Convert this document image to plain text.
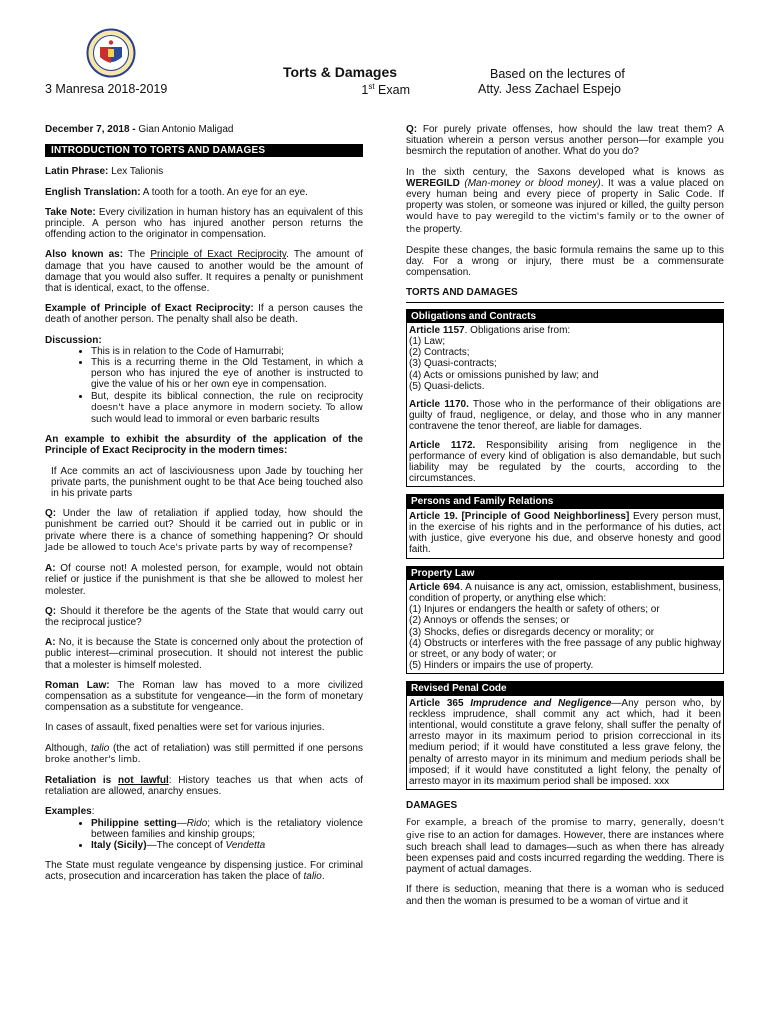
3 Manresa 2018-2019
Torts & Damages
1st Exam
Based on the lectures of
Atty. Jess Zachael Espejo

December 7, 2018 - Gian Antonio Maligad

INTRODUCTION TO TORTS AND DAMAGES

Latin Phrase: Lex Talionis

English Translation: A tooth for a tooth. An eye for an eye.

Take Note: Every civilization in human history has an equivalent of this principle. A person who has injured another person returns the offending action to the originator in compensation.

Also known as: The Principle of Exact Reciprocity. The amount of damage that you have caused to another would be the amount of damage that you would also suffer. It requires a penalty or punishment that is identical, exact, to the offense.

Example of Principle of Exact Reciprocity: If a person causes the death of another person. The penalty shall also be death.

Discussion:
• This is in relation to the Code of Hamurrabi;
• This is a recurring theme in the Old Testament, in which a person who has injured the eye of another is instructed to give the value of his or her own eye in compensation.
• But, despite its biblical connection, the rule on reciprocity doesn't have a place anymore in modern society. To allow such would lead to immoral or even barbaric results

An example to exhibit the absurdity of the application of the Principle of Exact Reciprocity in the modern times:

If Ace commits an act of lasciviousness upon Jade by touching her private parts, the punishment ought to be that Ace being touched also in his private parts

Q: Under the law of retaliation if applied today, how should the punishment be carried out? Should it be carried out in public or in private where there is a chance of something happening? Or should Jade be allowed to touch Ace's private parts by way of recompense?

A: Of course not! A molested person, for example, would not obtain relief or justice if the punishment is that she be allowed to molest her molester.

Q: Should it therefore be the agents of the State that would carry out the reciprocal justice?

A: No, it is because the State is concerned only about the protection of public interest—criminal prosecution. It should not interest the public that a molester is himself molested.

Roman Law: The Roman law has moved to a more civilized compensation as a substitute for vengeance—in the form of monetary compensation as a substitute for vengeance.

In cases of assault, fixed penalties were set for various injuries.

Although, talio (the act of retaliation) was still permitted if one persons broke another's limb.

Retaliation is not lawful: History teaches us that when acts of retaliation are allowed, anarchy ensues.

Examples:
• Philippine setting—Rido; which is the retaliatory violence between families and kinship groups;
• Italy (Sicily)—The concept of Vendetta

The State must regulate vengeance by dispensing justice. For criminal acts, prosecution and incarceration has taken the place of talio.

Q: For purely private offenses, how should the law treat them? A situation wherein a person versus another person—for example you besmirch the reputation of another. What do you do?

In the sixth century, the Saxons developed what is knows as WEREGILD (Man-money or blood money). It was a value placed on every human being and every piece of property in Salic Code. If property was stolen, or someone was injured or killed, the guilty person would have to pay weregild to the victim's family or to the owner of the property.

Despite these changes, the basic formula remains the same up to this day. For a wrong or injury, there must be a commensurate compensation.

TORTS AND DAMAGES
Obligations and Contracts

Article 1157. Obligations arise from:
(1) Law;
(2) Contracts;
(3) Quasi-contracts;
(4) Acts or omissions punished by law; and
(5) Quasi-delicts.

Article 1170. Those who in the performance of their obligations are guilty of fraud, negligence, or delay, and those who in any manner contravene the tenor thereof, are liable for damages.

Article 1172. Responsibility arising from negligence in the performance of every kind of obligation is also demandable, but such liability may be regulated by the courts, according to the circumstances.

Persons and Family Relations

Article 19. [Principle of Good Neighborliness] Every person must, in the exercise of his rights and in the performance of his duties, act with justice, give everyone his due, and observe honesty and good faith.

Property Law

Article 694. A nuisance is any act, omission, establishment, business, condition of property, or anything else which:
(1) Injures or endangers the health or safety of others; or
(2) Annoys or offends the senses; or
(3) Shocks, defies or disregards decency or morality; or
(4) Obstructs or interferes with the free passage of any public highway or street, or any body of water; or
(5) Hinders or impairs the use of property.

Revised Penal Code

Article 365 Imprudence and Negligence—Any person who, by reckless imprudence, shall commit any act which, had it been intentional, would constitute a grave felony, shall suffer the penalty of arresto mayor in its maximum period to prision correccional in its medium period; if it would have constituted a less grave felony, the penalty of arresto mayor in its minimum and medium periods shall be imposed; if it would have constituted a light felony, the penalty of arresto mayor in its maximum period shall be imposed. xxx

DAMAGES

For example, a breach of the promise to marry, generally, doesn't give rise to an action for damages. However, there are instances where such breach shall lead to damages—such as when there has already been expenses paid and costs incurred regarding the wedding. There is payment of actual damages.

If there is seduction, meaning that there is a woman who is seduced and then the woman is presumed to be a woman of virtue and it
